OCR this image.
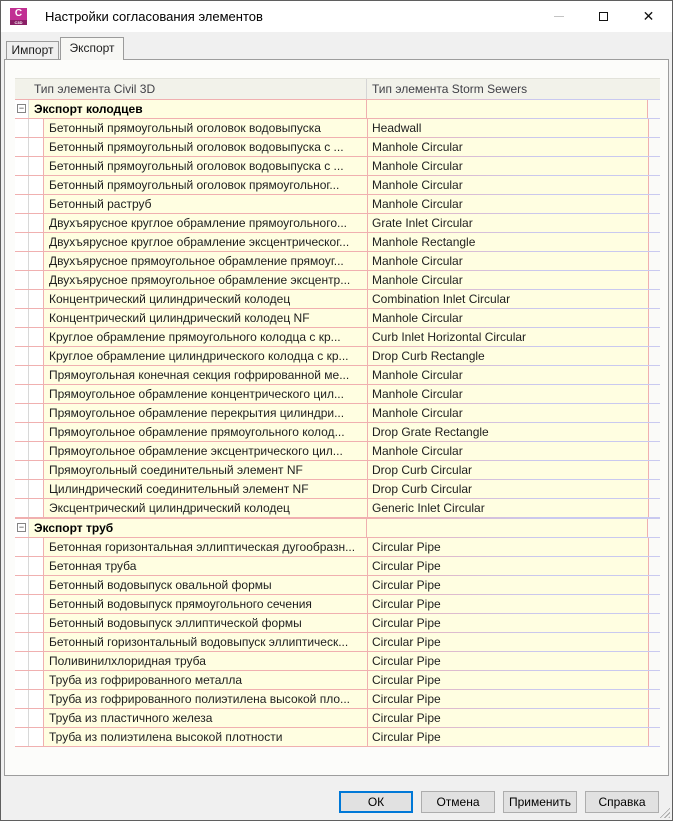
C
C3D	Настройки согласования элементов	✕
Импорт	Экспорт
Тип элемента Civil 3D	Тип элемента Storm Sewers
− Экспорт колодцев
Бетонный прямоугольный оголовок водовыпуска	Headwall
Бетонный прямоугольный оголовок водовыпуска с ...	Manhole Circular
Бетонный прямоугольный оголовок водовыпуска с ...	Manhole Circular
Бетонный прямоугольный оголовок прямоугольног...	Manhole Circular
Бетонный раструб	Manhole Circular
Двухъярусное круглое обрамление прямоугольного...	Grate Inlet Circular
Двухъярусное круглое обрамление эксцентрическог...	Manhole Rectangle
Двухъярусное прямоугольное обрамление прямоуг...	Manhole Circular
Двухъярусное прямоугольное обрамление эксцентр...	Manhole Circular
Концентрический цилиндрический колодец	Combination Inlet Circular
Концентрический цилиндрический колодец NF	Manhole Circular
Круглое обрамление прямоугольного колодца с кр...	Curb Inlet Horizontal Circular
Круглое обрамление цилиндрического колодца с кр...	Drop Curb Rectangle
Прямоугольная конечная секция гофрированной ме...	Manhole Circular
Прямоугольное обрамление концентрического цил...	Manhole Circular
Прямоугольное обрамление перекрытия цилиндри...	Manhole Circular
Прямоугольное обрамление прямоугольного колод...	Drop Grate Rectangle
Прямоугольное обрамление эксцентрического цил...	Manhole Circular
Прямоугольный соединительный элемент NF	Drop Curb Circular
Цилиндрический соединительный элемент NF	Drop Curb Circular
Эксцентрический цилиндрический колодец	Generic Inlet Circular
− Экспорт труб
Бетонная горизонтальная эллиптическая дугообразн...	Circular Pipe
Бетонная труба	Circular Pipe
Бетонный водовыпуск овальной формы	Circular Pipe
Бетонный водовыпуск прямоугольного сечения	Circular Pipe
Бетонный водовыпуск эллиптической формы	Circular Pipe
Бетонный горизонтальный водовыпуск эллиптическ...	Circular Pipe
Поливинилхлоридная труба	Circular Pipe
Труба из гофрированного металла	Circular Pipe
Труба из гофрированного полиэтилена высокой пло...	Circular Pipe
Труба из пластичного железа	Circular Pipe
Труба из полиэтилена высокой плотности	Circular Pipe
ОК	Отмена	Применить	Справка
